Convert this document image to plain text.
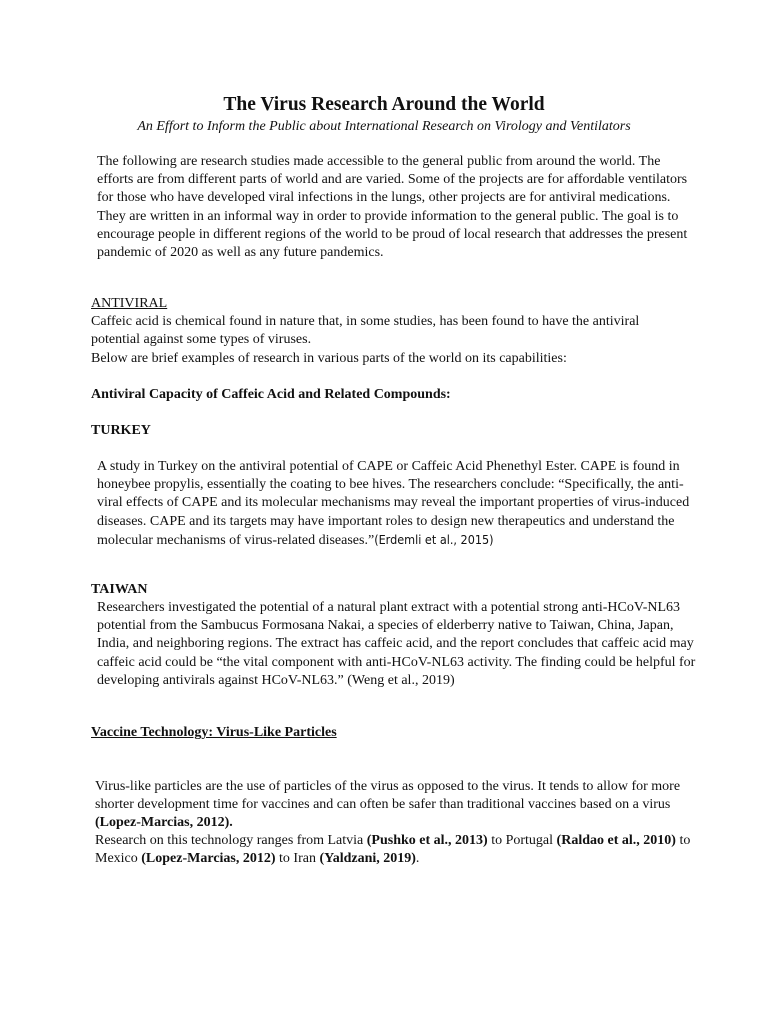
The Virus Research Around the World

An Effort to Inform the Public about International Research on Virology and Ventilators

The following are research studies made accessible to the general public from around the world. The efforts are from different parts of world and are varied. Some of the projects are for affordable ventilators for those who have developed viral infections in the lungs, other projects are for antiviral medications. They are written in an informal way in order to provide information to the general public. The goal is to encourage people in different regions of the world to be proud of local research that addresses the present pandemic of 2020 as well as any future pandemics.

ANTIVIRAL
Caffeic acid is chemical found in nature that, in some studies, has been found to have the antiviral potential against some types of viruses.
Below are brief examples of research in various parts of the world on its capabilities:
Antiviral Capacity of Caffeic Acid and Related Compounds:
TURKEY

A study in Turkey on the antiviral potential of CAPE or Caffeic Acid Phenethyl Ester. CAPE is found in honeybee propylis, essentially the coating to bee hives. The researchers conclude: “Specifically, the anti-viral effects of CAPE and its molecular mechanisms may reveal the important properties of virus-induced diseases. CAPE and its targets may have important roles to design new therapeutics and understand the molecular mechanisms of virus-related diseases.”(Erdemli et al., 2015)

TAIWAN

Researchers investigated the potential of a natural plant extract with a potential strong anti-HCoV-NL63 potential from the Sambucus Formosana Nakai, a species of elderberry native to Taiwan, China, Japan, India, and neighboring regions. The extract has caffeic acid, and the report concludes that caffeic acid may caffeic acid could be “the vital component with anti-HCoV-NL63 activity. The finding could be helpful for developing antivirals against HCoV-NL63.” (Weng et al., 2019)

Vaccine Technology: Virus-Like Particles

Virus-like particles are the use of particles of the virus as opposed to the virus. It tends to allow for more shorter development time for vaccines and can often be safer than traditional vaccines based on a virus (Lopez-Marcias, 2012).

Research on this technology ranges from Latvia (Pushko et al., 2013) to Portugal (Raldao et al., 2010) to Mexico (Lopez-Marcias, 2012) to Iran (Yaldzani, 2019).
